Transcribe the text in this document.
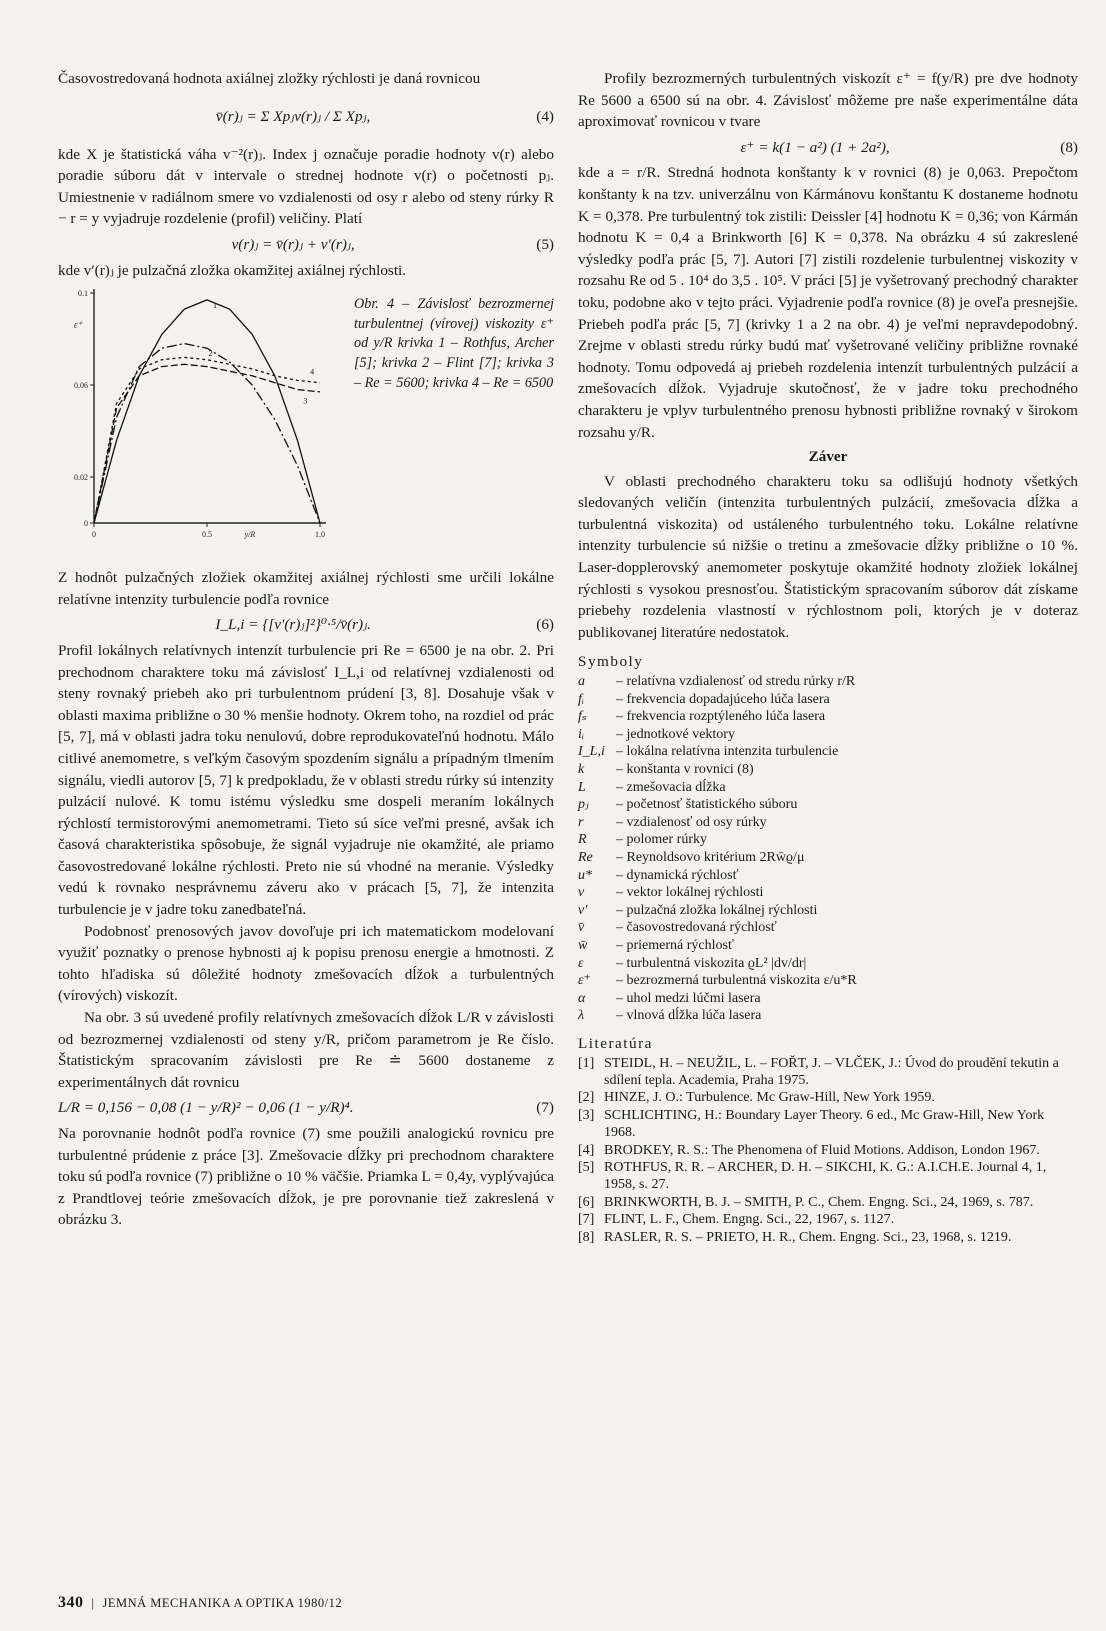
Časovostredovaná hodnota axiálnej zložky rýchlosti je daná rovnicou

v̄(r)ⱼ = Σ Xpⱼv(r)ⱼ / Σ Xpⱼ,	(4)

kde X je štatistická váha v⁻²(r)ⱼ. Index j označuje poradie hodnoty v(r) alebo poradie súboru dát v intervale o strednej hodnote v(r) o početnosti pⱼ. Umiestnenie v radiálnom smere vo vzdialenosti od osy r alebo od steny rúrky R − r = y vyjadruje rozdelenie (profil) veličiny. Platí

v(r)ⱼ = v̄(r)ⱼ + v′(r)ⱼ,	(5)

kde v′(r)ⱼ je pulzačná zložka okamžitej axiálnej rýchlosti.

0
0.02
0.06
0.1
ε⁺
0	0.5	1.0
y/R
1
2
3
4
Obr. 4 – Závislosť bezrozmernej turbulentnej (vírovej) viskozity ε⁺ od y/R krivka 1 – Rothfus, Archer [5]; krivka 2 – Flint [7]; krivka 3 – Re = 5600; krivka 4 – Re = 6500

Z hodnôt pulzačných zložiek okamžitej axiálnej rýchlosti sme určili lokálne relatívne intenzity turbulencie podľa rovnice

I_L,i = {[v′(r)ⱼ]²}⁰·⁵/v̄(r)ⱼ.	(6)

Profil lokálnych relatívnych intenzít turbulencie pri Re = 6500 je na obr. 2. Pri prechodnom charaktere toku má závislosť I_L,i od relatívnej vzdialenosti od steny rovnaký priebeh ako pri turbulentnom prúdení [3, 8]. Dosahuje však v oblasti maxima približne o 30 % menšie hodnoty. Okrem toho, na rozdiel od prác [5, 7], má v oblasti jadra toku nenulovú, dobre reprodukovateľnú hodnotu. Málo citlivé anemometre, s veľkým časovým spozdením signálu a prípadným tlmením signálu, viedli autorov [5, 7] k predpokladu, že v oblasti stredu rúrky sú intenzity pulzácií nulové. K tomu istému výsledku sme dospeli meraním lokálnych rýchlostí termistorovými anemometrami. Tieto sú síce veľmi presné, avšak ich časová charakteristika spôsobuje, že signál vyjadruje nie okamžité, ale priamo časovostredované lokálne rýchlosti. Preto nie sú vhodné na meranie. Výsledky vedú k rovnako nesprávnemu záveru ako v prácach [5, 7], že intenzita turbulencie je v jadre toku zanedbateľná.

Podobnosť prenosových javov dovoľuje pri ich matematickom modelovaní využiť poznatky o prenose hybnosti aj k popisu prenosu energie a hmotnosti. Z tohto hľadiska sú dôležité hodnoty zmešovacích dĺžok a turbulentných (vírových) viskozít.

Na obr. 3 sú uvedené profily relatívnych zmešovacích dĺžok L/R v závislosti od bezrozmernej vzdialenosti od steny y/R, pričom parametrom je Re číslo. Štatistickým spracovaním závislosti pre Re ≐ 5600 dostaneme z experimentálnych dát rovnicu

L/R = 0,156 − 0,08 (1 − y/R)² − 0,06 (1 − y/R)⁴.	(7)

Na porovnanie hodnôt podľa rovnice (7) sme použili analogickú rovnicu pre turbulentné prúdenie z práce [3]. Zmešovacie dĺžky pri prechodnom charaktere toku sú podľa rovnice (7) približne o 10 % väčšie. Priamka L = 0,4y, vyplývajúca z Prandtlovej teórie zmešovacích dĺžok, je pre porovnanie tiež zakreslená v obrázku 3.

Profily bezrozmerných turbulentných viskozít ε⁺ = f(y/R) pre dve hodnoty Re 5600 a 6500 sú na obr. 4. Závislosť môžeme pre naše experimentálne dáta aproximovať rovnicou v tvare

ε⁺ = k(1 − a²) (1 + 2a²),	(8)

kde a = r/R. Stredná hodnota konštanty k v rovnici (8) je 0,063. Prepočtom konštanty k na tzv. univerzálnu von Kármánovu konštantu K dostaneme hodnotu K = 0,378. Pre turbulentný tok zistili: Deissler [4] hodnotu K = 0,36; von Kármán hodnotu K = 0,4 a Brinkworth [6] K = 0,378. Na obrázku 4 sú zakreslené výsledky podľa prác [5, 7]. Autori [7] zistili rozdelenie turbulentnej viskozity v rozsahu Re od 5 . 10⁴ do 3,5 . 10⁵. V práci [5] je vyšetrovaný prechodný charakter toku, podobne ako v tejto práci. Vyjadrenie podľa rovnice (8) je oveľa presnejšie. Priebeh podľa prác [5, 7] (krivky 1 a 2 na obr. 4) je veľmi nepravdepodobný. Zrejme v oblasti stredu rúrky budú mať vyšetrované veličiny približne rovnaké hodnoty. Tomu odpovedá aj priebeh rozdelenia intenzít turbulentných pulzácií a zmešovacích dĺžok. Vyjadruje skutočnosť, že v jadre toku prechodného charakteru je vplyv turbulentného prenosu hybnosti približne rovnaký v širokom rozsahu y/R.

Záver

V oblasti prechodného charakteru toku sa odlišujú hodnoty všetkých sledovaných veličín (intenzita turbulentných pulzácií, zmešovacia dĺžka a turbulentná viskozita) od ustáleného turbulentného toku. Lokálne relatívne intenzity turbulencie sú nižšie o tretinu a zmešovacie dĺžky približne o 10 %. Laser-dopplerovský anemometer poskytuje okamžité hodnoty zložiek lokálnej rýchlosti s vysokou presnosťou. Štatistickým spracovaním súborov dát získame priebehy rozdelenia vlastností v rýchlostnom poli, ktorých je v doteraz publikovanej literatúre nedostatok.

Symboly
a	– relatívna vzdialenosť od stredu rúrky r/R
fᵢ	– frekvencia dopadajúceho lúča lasera
fₛ	– frekvencia rozptýleného lúča lasera
iᵢ	– jednotkové vektory
I_L,i – lokálna relatívna intenzita turbulencie
k	– konštanta v rovnici (8)
L	– zmešovacia dĺžka
pⱼ	– početnosť štatistického súboru
r	– vzdialenosť od osy rúrky
R	– polomer rúrky
Re	– Reynoldsovo kritérium 2Rw̄ϱ/μ
u*	– dynamická rýchlosť
v⃗	– vektor lokálnej rýchlosti
v′	– pulzačná zložka lokálnej rýchlosti
v̄	– časovostredovaná rýchlosť
w̄	– priemerná rýchlosť
ε	– turbulentná viskozita ϱL² |dv/dr|
ε⁺	– bezrozmerná turbulentná viskozita ε/u*R
α	– uhol medzi lúčmi lasera
λ	– vlnová dĺžka lúča lasera
Literatúra
[1] STEIDL, H. – NEUŽIL, L. – FOŘT, J. – VLČEK, J.: Úvod do proudění tekutin a sdílení tepla. Academia, Praha 1975.
[2] HINZE, J. O.: Turbulence. Mc Graw-Hill, New York 1959.
[3] SCHLICHTING, H.: Boundary Layer Theory. 6 ed., Mc Graw-Hill, New York 1968.
[4] BRODKEY, R. S.: The Phenomena of Fluid Motions. Addison, London 1967.
[5] ROTHFUS, R. R. – ARCHER, D. H. – SIKCHI, K. G.: A.I.CH.E. Journal 4, 1, 1958, s. 27.
[6] BRINKWORTH, B. J. – SMITH, P. C., Chem. Engng. Sci., 24, 1969, s. 787.
[7] FLINT, L. F., Chem. Engng. Sci., 22, 1967, s. 1127.
[8] RASLER, R. S. – PRIETO, H. R., Chem. Engng. Sci., 23, 1968, s. 1219.
340 | JEMNÁ MECHANIKA A OPTIKA 1980/12
